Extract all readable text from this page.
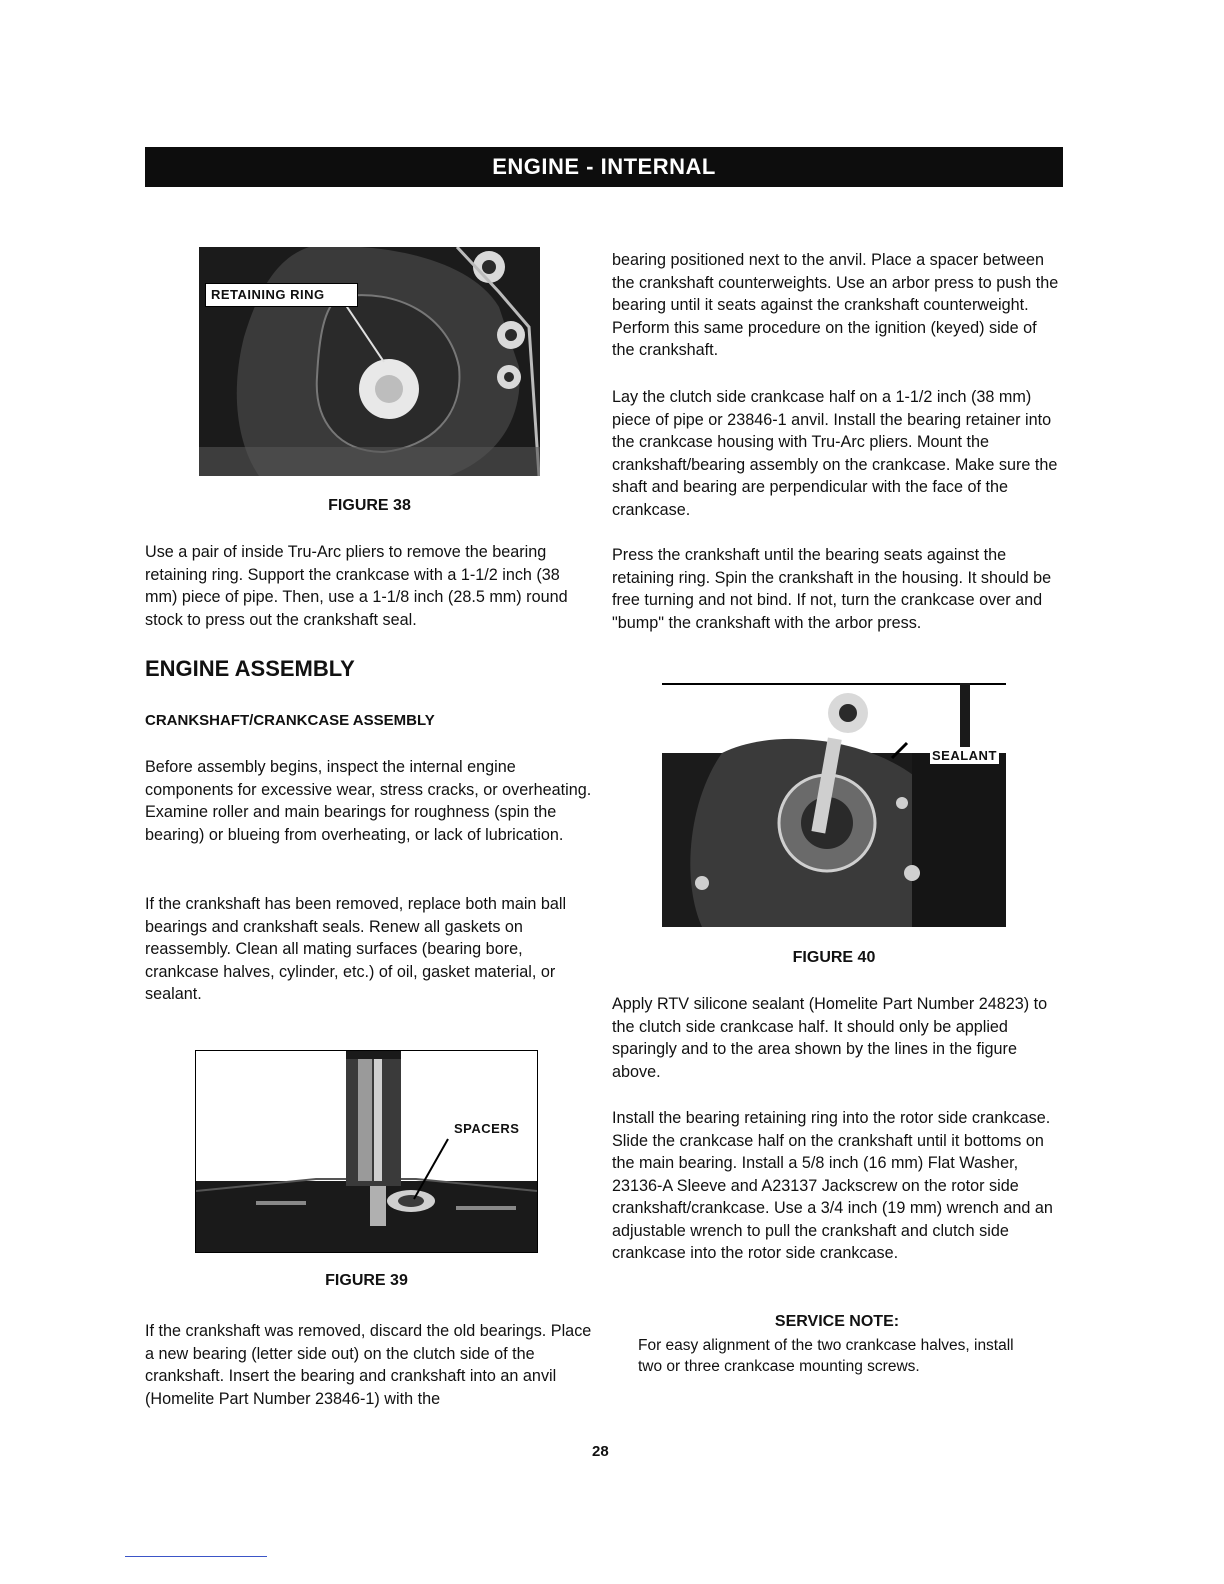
ENGINE - INTERNAL
RETAINING RING
FIGURE 38

Use a pair of inside Tru-Arc pliers to remove the bearing retaining ring. Support the crankcase with a 1-1/2 inch (38 mm) piece of pipe. Then, use a 1-1/8 inch (28.5 mm) round stock to press out the crankshaft seal.

ENGINE ASSEMBLY
CRANKSHAFT/CRANKCASE ASSEMBLY

Before assembly begins, inspect the internal engine components for excessive wear, stress cracks, or overheating. Examine roller and main bearings for roughness (spin the bearing) or blueing from overheating, or lack of lubrication.

If the crankshaft has been removed, replace both main ball bearings and crankshaft seals. Renew all gaskets on reassembly. Clean all mating surfaces (bearing bore, crankcase halves, cylinder, etc.) of oil, gasket material, or sealant.

SPACERS
FIGURE 39

If the crankshaft was removed, discard the old bearings. Place a new bearing (letter side out) on the clutch side of the crankshaft. Insert the bearing and crankshaft into an anvil (Homelite Part Number 23846-1) with the

bearing positioned next to the anvil. Place a spacer between the crankshaft counterweights. Use an arbor press to push the bearing until it seats against the crankshaft counterweight. Perform this same procedure on the ignition (keyed) side of the crankshaft.

Lay the clutch side crankcase half on a 1-1/2 inch (38 mm) piece of pipe or 23846-1 anvil. Install the bearing retainer into the crankcase housing with Tru-Arc pliers. Mount the crankshaft/bearing assembly on the crankcase. Make sure the shaft and bearing are perpendicular with the face of the crankcase.

Press the crankshaft until the bearing seats against the retaining ring. Spin the crankshaft in the housing. It should be free turning and not bind. If not, turn the crankcase over and "bump" the crankshaft with the arbor press.

SEALANT
FIGURE 40

Apply RTV silicone sealant (Homelite Part Number 24823) to the clutch side crankcase half. It should only be applied sparingly and to the area shown by the lines in the figure above.

Install the bearing retaining ring into the rotor side crankcase. Slide the crankcase half on the crankshaft until it bottoms on the main bearing. Install a 5/8 inch (16 mm) Flat Washer, 23136-A Sleeve and A23137 Jackscrew on the rotor side crankshaft/crankcase. Use a 3/4 inch (19 mm) wrench and an adjustable wrench to pull the crankshaft and clutch side crankcase into the rotor side crankcase.

SERVICE NOTE:
For easy alignment of the two crankcase halves, install two or three crankcase mounting screws.
28
